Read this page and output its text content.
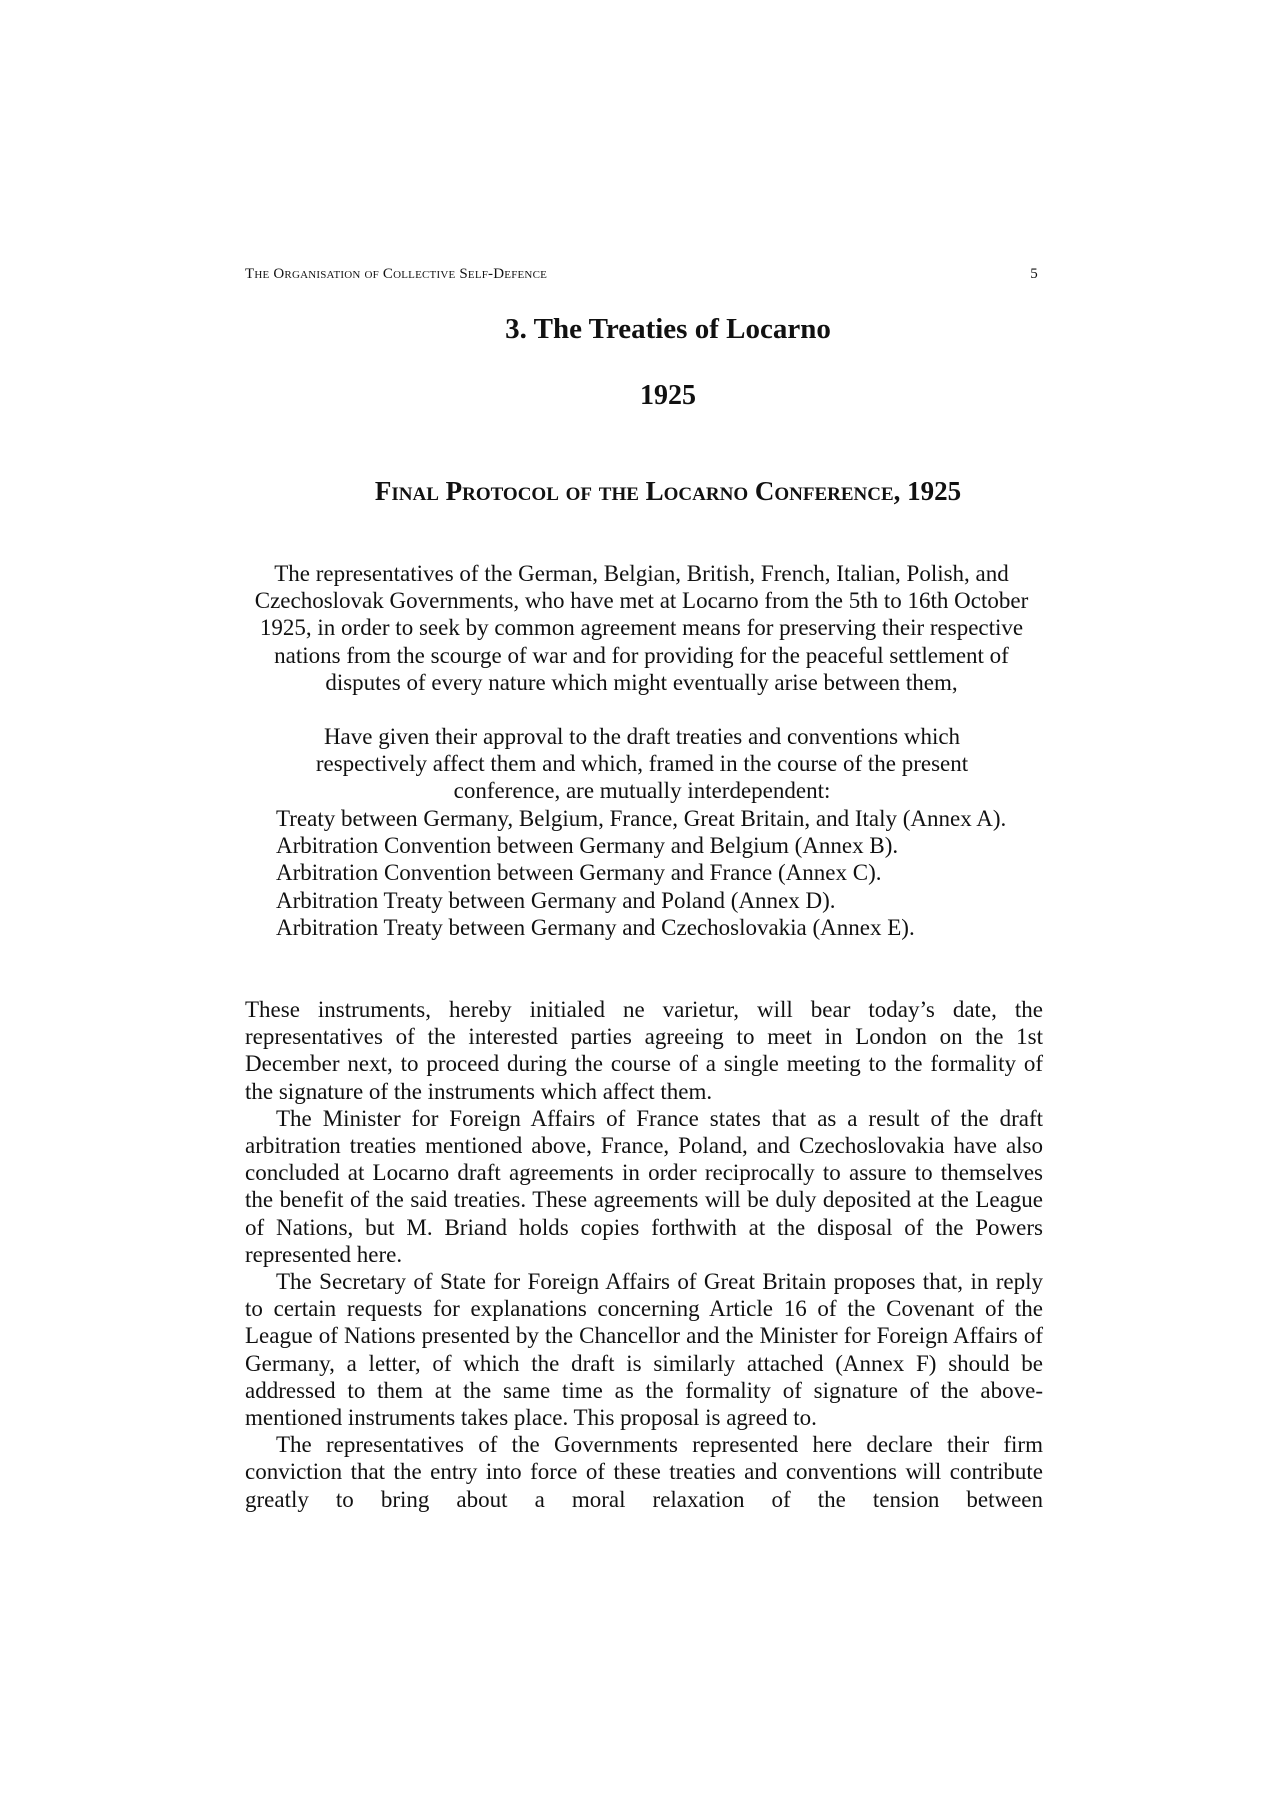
The Organisation of Collective Self-Defence	5
3. The Treaties of Locarno
1925
Final Protocol of the Locarno Conference, 1925

The representatives of the German, Belgian, British, French, Italian, Polish, and Czechoslovak Governments, who have met at Locarno from the 5th to 16th October 1925, in order to seek by common agreement means for preserving their respective nations from the scourge of war and for providing for the peaceful settlement of disputes of every nature which might eventually arise between them,

Have given their approval to the draft treaties and conventions which respectively affect them and which, framed in the course of the present conference, are mutually interdependent:

Treaty between Germany, Belgium, France, Great Britain, and Italy (Annex A).
Arbitration Convention between Germany and Belgium (Annex B).
Arbitration Convention between Germany and France (Annex C).
Arbitration Treaty between Germany and Poland (Annex D).
Arbitration Treaty between Germany and Czechoslovakia (Annex E).

These instruments, hereby initialed ne varietur, will bear today’s date, the representatives of the interested parties agreeing to meet in London on the 1st December next, to proceed during the course of a single meeting to the formality of the signature of the instruments which affect them.

The Minister for Foreign Affairs of France states that as a result of the draft arbitration treaties mentioned above, France, Poland, and Czechoslovakia have also concluded at Locarno draft agreements in order reciprocally to assure to themselves the benefit of the said treaties. These agreements will be duly deposited at the League of Nations, but M. Briand holds copies forthwith at the disposal of the Powers represented here.

The Secretary of State for Foreign Affairs of Great Britain proposes that, in reply to certain requests for explanations concerning Article 16 of the Covenant of the League of Nations presented by the Chancellor and the Minister for Foreign Affairs of Germany, a letter, of which the draft is similarly attached (Annex F) should be addressed to them at the same time as the formality of signature of the above-mentioned instruments takes place. This proposal is agreed to.

The representatives of the Governments represented here declare their firm conviction that the entry into force of these treaties and conventions will contribute greatly to bring about a moral relaxation of the tension between
